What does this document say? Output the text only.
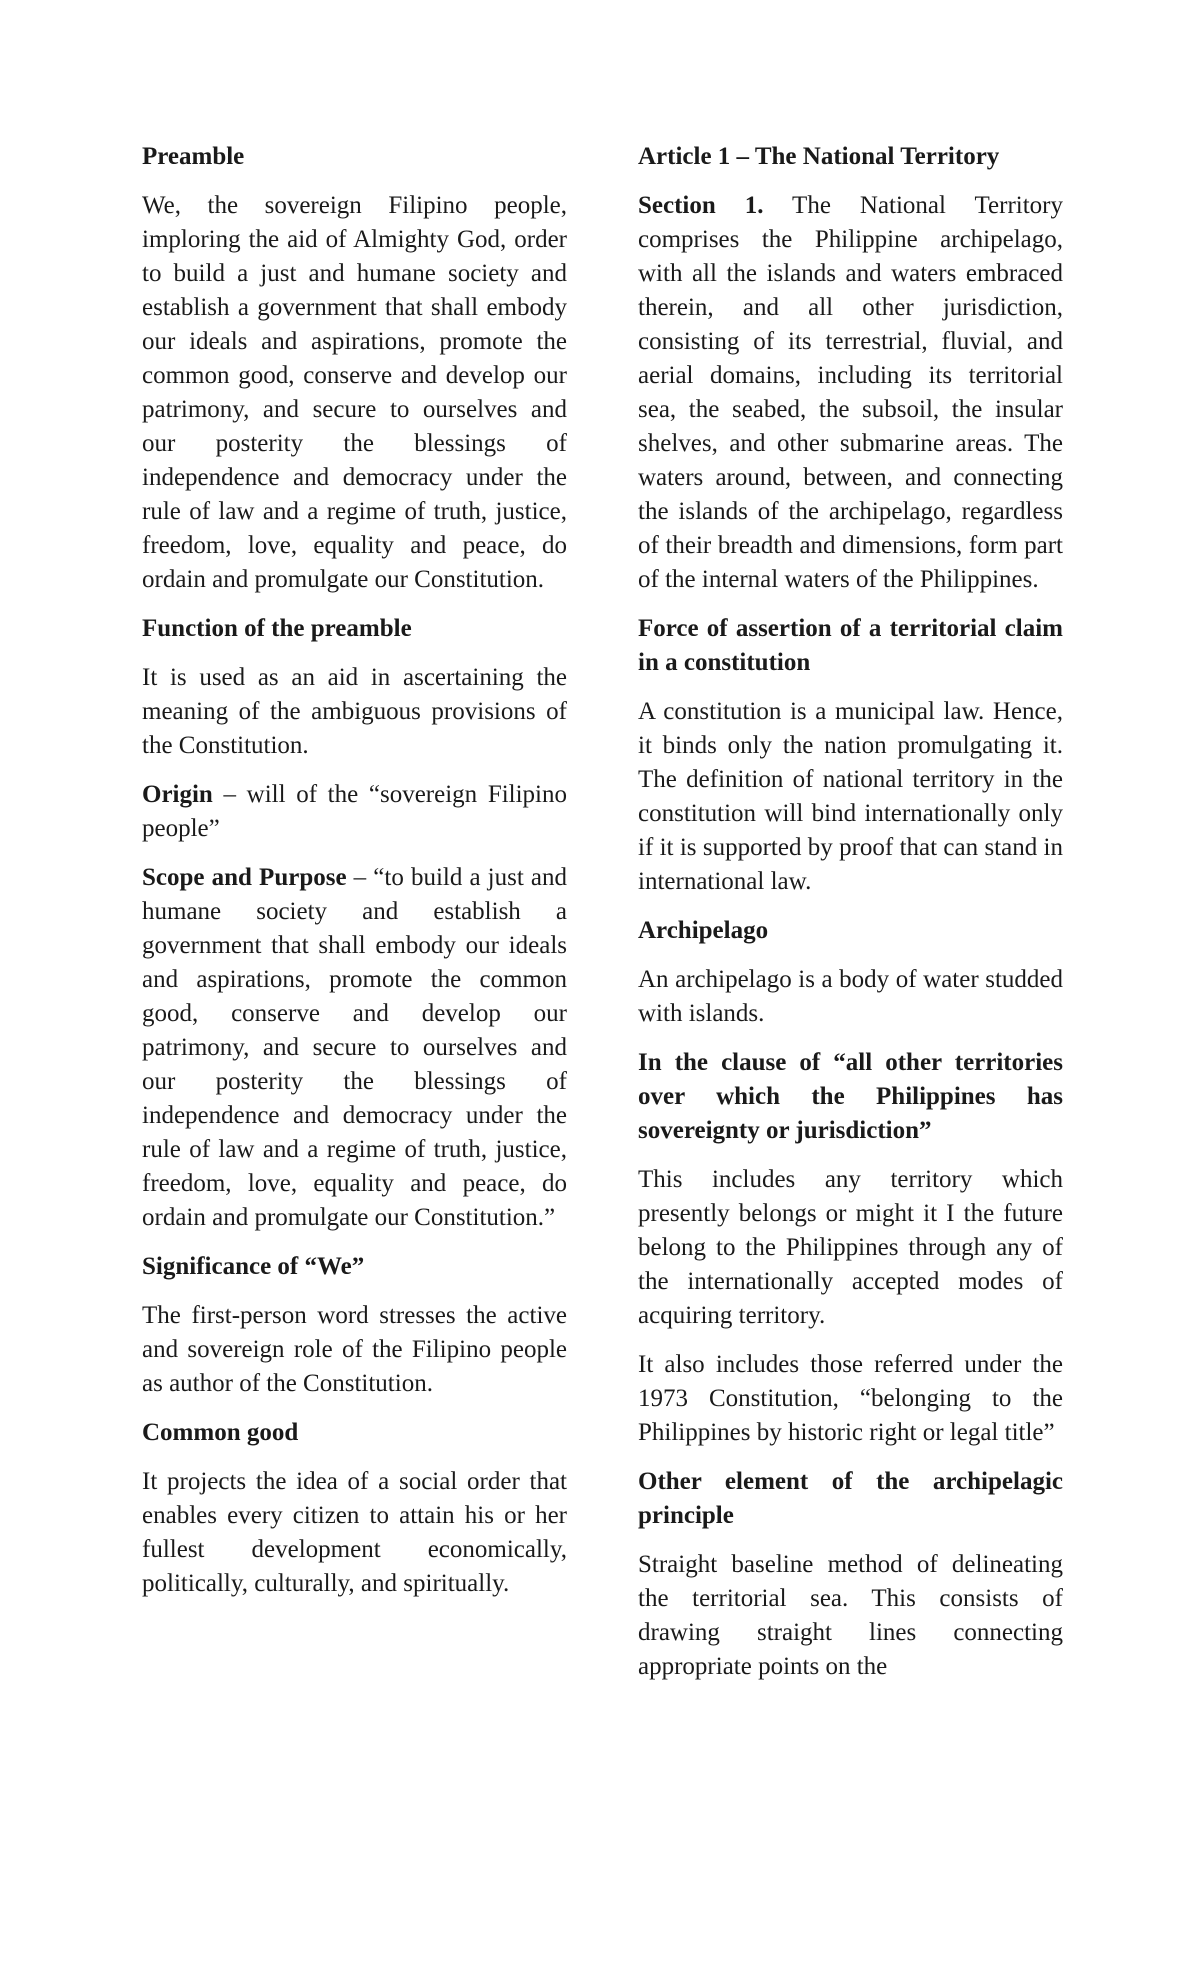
Preamble

We, the sovereign Filipino people, imploring the aid of Almighty God, order to build a just and humane society and establish a government that shall embody our ideals and aspirations, promote the common good, conserve and develop our patrimony, and secure to ourselves and our posterity the blessings of independence and democracy under the rule of law and a regime of truth, justice, freedom, love, equality and peace, do ordain and promulgate our Constitution.

Function of the preamble

It is used as an aid in ascertaining the meaning of the ambiguous provisions of the Constitution.

Origin – will of the “sovereign Filipino people”

Scope and Purpose – “to build a just and humane society and establish a government that shall embody our ideals and aspirations, promote the common good, conserve and develop our patrimony, and secure to ourselves and our posterity the blessings of independence and democracy under the rule of law and a regime of truth, justice, freedom, love, equality and peace, do ordain and promulgate our Constitution.”

Significance of “We”

The first-person word stresses the active and sovereign role of the Filipino people as author of the Constitution.

Common good

It projects the idea of a social order that enables every citizen to attain his or her fullest development economically, politically, culturally, and spiritually.

Article 1 – The National Territory

Section 1. The National Territory comprises the Philippine archipelago, with all the islands and waters embraced therein, and all other jurisdiction, consisting of its terrestrial, fluvial, and aerial domains, including its territorial sea, the seabed, the subsoil, the insular shelves, and other submarine areas. The waters around, between, and connecting the islands of the archipelago, regardless of their breadth and dimensions, form part of the internal waters of the Philippines.

Force of assertion of a territorial claim in a constitution

A constitution is a municipal law. Hence, it binds only the nation promulgating it. The definition of national territory in the constitution will bind internationally only if it is supported by proof that can stand in international law.

Archipelago

An archipelago is a body of water studded with islands.

In the clause of “all other territories over which the Philippines has sovereignty or jurisdiction”

This includes any territory which presently belongs or might it I the future belong to the Philippines through any of the internationally accepted modes of acquiring territory.

It also includes those referred under the 1973 Constitution, “belonging to the Philippines by historic right or legal title”

Other element of the archipelagic principle

Straight baseline method of delineating the territorial sea. This consists of drawing straight lines connecting appropriate points on the
